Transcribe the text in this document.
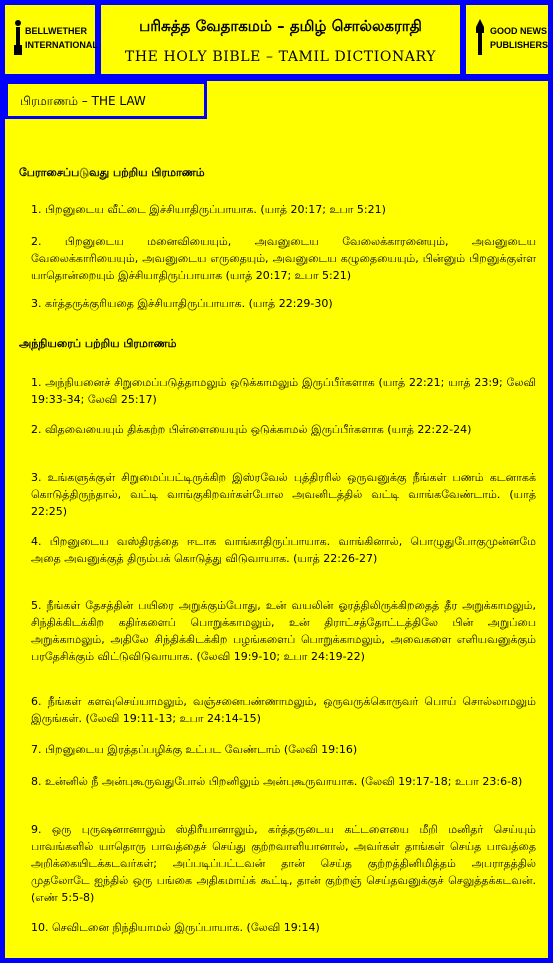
BELLWETHER
INTERNATIONAL
பரிசுத்த வேதாகமம் – தமிழ் சொல்லகராதி
THE HOLY BIBLE – TAMIL DICTIONARY
GOOD NEWS
PUBLISHERS
பேராசைப்படுவது பற்றிய பிரமாணம்
1. பிறனுடைய வீட்டை இச்சியாதிருப்பாயாக. (யாத் 20:17; உபா 5:21)
2. பிறனுடைய மனைவியையும், அவனுடைய வேலைக்காரனையும், அவனுடைய வேலைக்காரியையும், அவனுடைய எருதையும், அவனுடைய கழுதையையும், பின்னும் பிறனுக்குள்ள யாதொன்றையும் இச்சியாதிருப்பாயாக (யாத் 20:17; உபா 5:21)
3. கர்த்தருக்குரியதை இச்சியாதிருப்பாயாக. (யாத் 22:29-30)
அந்நியரைப் பற்றிய பிரமாணம்
1. அந்நியனைச் சிறுமைப்படுத்தாமலும் ஒடுக்காமலும் இருப்பீர்களாக (யாத் 22:21; யாத் 23:9; லேவி 19:33-34; லேவி 25:17)
2. விதவையையும் திக்கற்ற பிள்ளையையும் ஒடுக்காமல் இருப்பீர்களாக (யாத் 22:22-24)
3. உங்களுக்குள் சிறுமைப்பட்டிருக்கிற இஸ்ரவேல் புத்திரரில் ஒருவனுக்கு நீங்கள் பணம் கடனாகக் கொடுத்திருந்தால், வட்டி வாங்குகிறவர்கள்போல அவனிடத்தில் வட்டி வாங்கவேண்டாம். (யாத் 22:25)
4. பிறனுடைய வஸ்திரத்தை ஈடாக வாங்காதிருப்பாயாக. வாங்கினால், பொழுதுபோகுமுன்னமே அதை அவனுக்குத் திரும்பக் கொடுத்து விடுவாயாக. (யாத் 22:26-27)
5. நீங்கள் தேசத்தின் பயிரை அறுக்கும்போது, உன் வயலின் ஓரத்திலிருக்கிறதைத் தீர அறுக்காமலும், சிந்திக்கிடக்கிற கதிர்களைப் பொறுக்காமலும், உன் திராட்சத்தோட்டத்திலே பின் அறுப்பை அறுக்காமலும், அதிலே சிந்திக்கிடக்கிற பழங்களைப் பொறுக்காமலும், அவைகளை எளியவனுக்கும் பரதேசிக்கும் விட்டுவிடுவாயாக. (லேவி 19:9-10; உபா 24:19-22)
6. நீங்கள் களவுசெய்யாமலும், வஞ்சனைபண்ணாமலும், ஒருவருக்கொருவர் பொய் சொல்லாமலும் இருங்கள். (லேவி 19:11-13; உபா 24:14-15)
7. பிறனுடைய இரத்தப்பழிக்கு உட்பட வேண்டாம் (லேவி 19:16)
8. உன்னில் நீ அன்புகூருவதுபோல் பிறனிலும் அன்புகூருவாயாக. (லேவி 19:17-18; உபா 23:6-8)
9. ஒரு புருஷனானாலும் ஸ்திரீயானாலும், கர்த்தருடைய கட்டளையை மீறி மனிதர் செய்யும் பாவங்களில் யாதொரு பாவத்தைச் செய்து குற்றவாளியானால், அவர்கள் தாங்கள் செய்த பாவத்தை அறிக்கையிடக்கடவர்கள்; அப்படிப்பட்டவன் தான் செய்த குற்றத்தினிமித்தம் அபராதத்தில் முதலோடே ஐந்தில் ஒரு பங்கை அதிகமாய்க் கூட்டி, தான் குற்றஞ் செய்தவனுக்குச் செலுத்தக்கடவன். (எண் 5:5-8)
10. செவிடனை நிந்தியாமல் இருப்பாயாக. (லேவி 19:14)
பிரமாணம் – THE LAW
